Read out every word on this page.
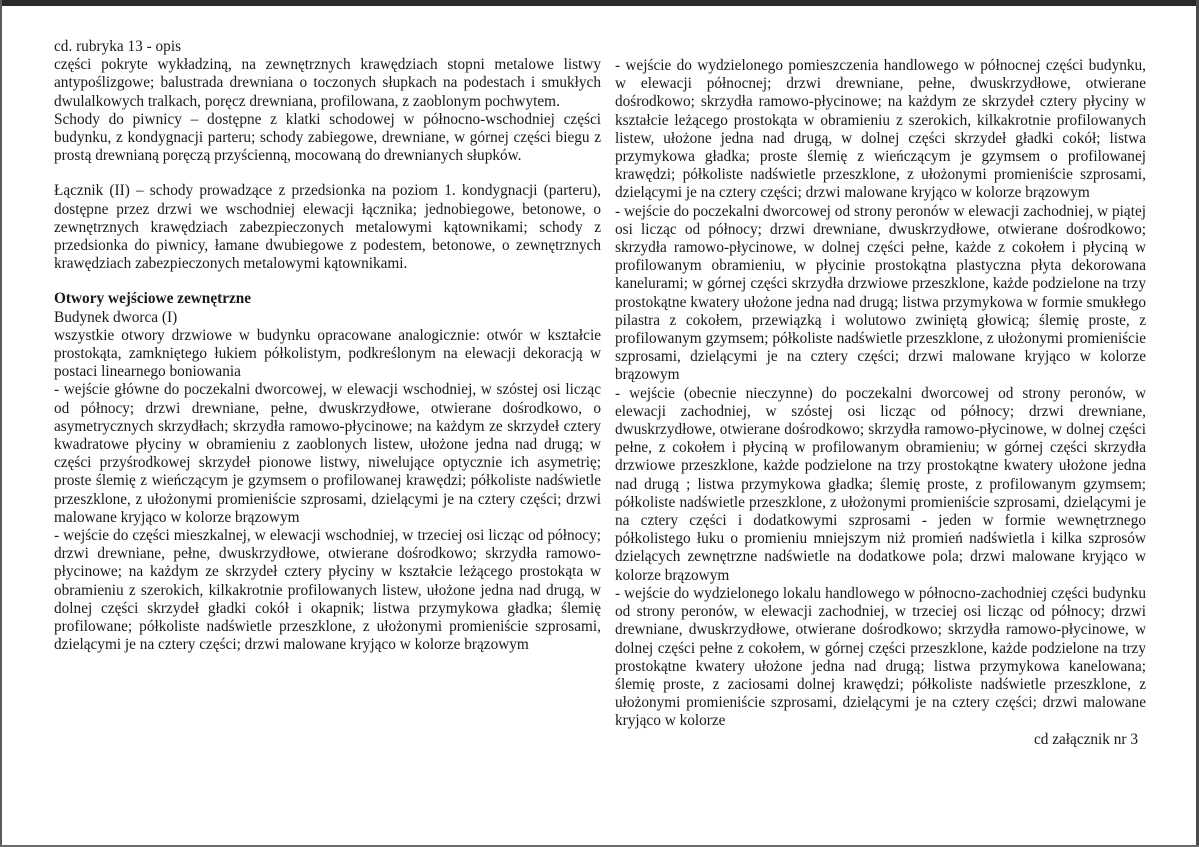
cd. rubryka 13 - opis

części pokryte wykładziną, na zewnętrznych krawędziach stopni metalowe listwy antypoślizgowe; balustrada drewniana o toczonych słupkach na podestach i smukłych dwulalkowych tralkach, poręcz drewniana, profilowana, z zaoblonym pochwytem.

Schody do piwnicy – dostępne z klatki schodowej w północno-wschodniej części budynku, z kondygnacji parteru; schody zabiegowe, drewniane, w górnej części biegu z prostą drewnianą poręczą przyścienną, mocowaną do drewnianych słupków.

Łącznik (II) – schody prowadzące z przedsionka na poziom 1. kondygnacji (parteru), dostępne przez drzwi we wschodniej elewacji łącznika; jednobiegowe, betonowe, o zewnętrznych krawędziach zabezpieczonych metalowymi kątownikami; schody z przedsionka do piwnicy, łamane dwubiegowe z podestem, betonowe, o zewnętrznych krawędziach zabezpieczonych metalowymi kątownikami.

Otwory wejściowe zewnętrzne

Budynek dworca (I)

wszystkie otwory drzwiowe w budynku opracowane analogicznie: otwór w kształcie prostokąta, zamkniętego łukiem półkolistym, podkreślonym na elewacji dekoracją w postaci linearnego boniowania

- wejście główne do poczekalni dworcowej, w elewacji wschodniej, w szóstej osi licząc od północy; drzwi drewniane, pełne, dwuskrzydłowe, otwierane dośrodkowo, o asymetrycznych skrzydłach; skrzydła ramowo-płycinowe; na każdym ze skrzydeł cztery kwadratowe płyciny w obramieniu z zaoblonych listew, ułożone jedna nad drugą; w części przyśrodkowej skrzydeł pionowe listwy, niwelujące optycznie ich asymetrię; proste ślemię z wieńczącym je gzymsem o profilowanej krawędzi; półkoliste nadświetle przeszklone, z ułożonymi promieniście szprosami, dzielącymi je na cztery części; drzwi malowane kryjąco w kolorze brązowym

- wejście do części mieszkalnej, w elewacji wschodniej, w trzeciej osi licząc od północy; drzwi drewniane, pełne, dwuskrzydłowe, otwierane dośrodkowo; skrzydła ramowo-płycinowe; na każdym ze skrzydeł cztery płyciny w kształcie leżącego prostokąta w obramieniu z szerokich, kilkakrotnie profilowanych listew, ułożone jedna nad drugą, w dolnej części skrzydeł gładki cokół i okapnik; listwa przymykowa gładka; ślemię profilowane; półkoliste nadświetle przeszklone, z ułożonymi promieniście szprosami, dzielącymi je na cztery części; drzwi malowane kryjąco w kolorze brązowym

- wejście do wydzielonego pomieszczenia handlowego w północnej części budynku, w elewacji północnej; drzwi drewniane, pełne, dwuskrzydłowe, otwierane dośrodkowo; skrzydła ramowo-płycinowe; na każdym ze skrzydeł cztery płyciny w kształcie leżącego prostokąta w obramieniu z szerokich, kilkakrotnie profilowanych listew, ułożone jedna nad drugą, w dolnej części skrzydeł gładki cokół; listwa przymykowa gładka; proste ślemię z wieńczącym je gzymsem o profilowanej krawędzi; półkoliste nadświetle przeszklone, z ułożonymi promieniście szprosami, dzielącymi je na cztery części; drzwi malowane kryjąco w kolorze brązowym

- wejście do poczekalni dworcowej od strony peronów w elewacji zachodniej, w piątej osi licząc od północy; drzwi drewniane, dwuskrzydłowe, otwierane dośrodkowo; skrzydła ramowo-płycinowe, w dolnej części pełne, każde z cokołem i płyciną w profilowanym obramieniu, w płycinie prostokątna plastyczna płyta dekorowana kanelurami; w górnej części skrzydła drzwiowe przeszklone, każde podzielone na trzy prostokątne kwatery ułożone jedna nad drugą; listwa przymykowa w formie smukłego pilastra z cokołem, przewiązką i wolutowo zwiniętą głowicą; ślemię proste, z profilowanym gzymsem; półkoliste nadświetle przeszklone, z ułożonymi promieniście szprosami, dzielącymi je na cztery części; drzwi malowane kryjąco w kolorze brązowym

- wejście (obecnie nieczynne) do poczekalni dworcowej od strony peronów, w elewacji zachodniej, w szóstej osi licząc od północy; drzwi drewniane, dwuskrzydłowe, otwierane dośrodkowo; skrzydła ramowo-płycinowe, w dolnej części pełne, z cokołem i płyciną w profilowanym obramieniu; w górnej części skrzydła drzwiowe przeszklone, każde podzielone na trzy prostokątne kwatery ułożone jedna nad drugą ; listwa przymykowa gładka; ślemię proste, z profilowanym gzymsem; półkoliste nadświetle przeszklone, z ułożonymi promieniście szprosami, dzielącymi je na cztery części i dodatkowymi szprosami - jeden w formie wewnętrznego półkolistego łuku o promieniu mniejszym niż promień nadświetla i kilka szprosów dzielących zewnętrzne nadświetle na dodatkowe pola; drzwi malowane kryjąco w kolorze brązowym

- wejście do wydzielonego lokalu handlowego w północno-zachodniej części budynku od strony peronów, w elewacji zachodniej, w trzeciej osi licząc od północy; drzwi drewniane, dwuskrzydłowe, otwierane dośrodkowo; skrzydła ramowo-płycinowe, w dolnej części pełne z cokołem, w górnej części przeszklone, każde podzielone na trzy prostokątne kwatery ułożone jedna nad drugą; listwa przymykowa kanelowana; ślemię proste, z zaciosami dolnej krawędzi; półkoliste nadświetle przeszklone, z ułożonymi promieniście szprosami, dzielącymi je na cztery części; drzwi malowane kryjąco w kolorze

cd załącznik nr 3
